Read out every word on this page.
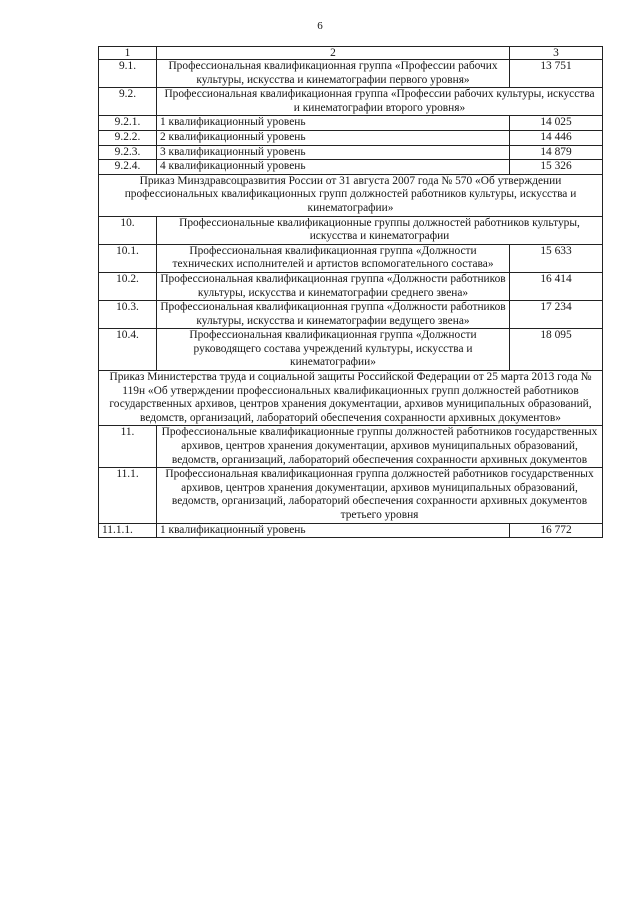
6
1	2	3
9.1.	Профессиональная квалификационная группа «Профессии рабочих культуры, искусства и кинематографии первого уровня»	13 751
9.2.	Профессиональная квалификационная группа «Профессии рабочих культуры, искусства и кинематографии второго уровня»	
9.2.1.	1 квалификационный уровень	14 025
9.2.2.	2 квалификационный уровень	14 446
9.2.3.	3 квалификационный уровень	14 879
9.2.4.	4 квалификационный уровень	15 326
Приказ Минздравсоцразвития России от 31 августа 2007 года № 570 «Об утверждении профессиональных квалификационных групп должностей работников культуры, искусства и кинематографии»		
10.	Профессиональные квалификационные группы должностей работников культуры, искусства и кинематографии	
10.1.	Профессиональная квалификационная группа «Должности технических исполнителей и артистов вспомогательного состава»	15 633
10.2.	Профессиональная квалификационная группа «Должности работников культуры, искусства и кинематографии среднего звена»	16 414
10.3.	Профессиональная квалификационная группа «Должности работников культуры, искусства и кинематографии ведущего звена»	17 234
10.4.	Профессиональная квалификационная группа «Должности руководящего состава учреждений культуры, искусства и кинематографии»	18 095
Приказ Министерства труда и социальной защиты Российской Федерации от 25 марта 2013 года № 119н «Об утверждении профессиональных квалификационных групп должностей работников государственных архивов, центров хранения документации, архивов муниципальных образований, ведомств, организаций, лабораторий обеспечения сохранности архивных документов»		
11.	Профессиональные квалификационные группы должностей работников государственных архивов, центров хранения документации, архивов муниципальных образований, ведомств, организаций, лабораторий обеспечения сохранности архивных документов	
11.1.	Профессиональная квалификационная группа должностей работников государственных архивов, центров хранения документации, архивов муниципальных образований, ведомств, организаций, лабораторий обеспечения сохранности архивных документов третьего уровня	
11.1.1.	1 квалификационный уровень	16 772
